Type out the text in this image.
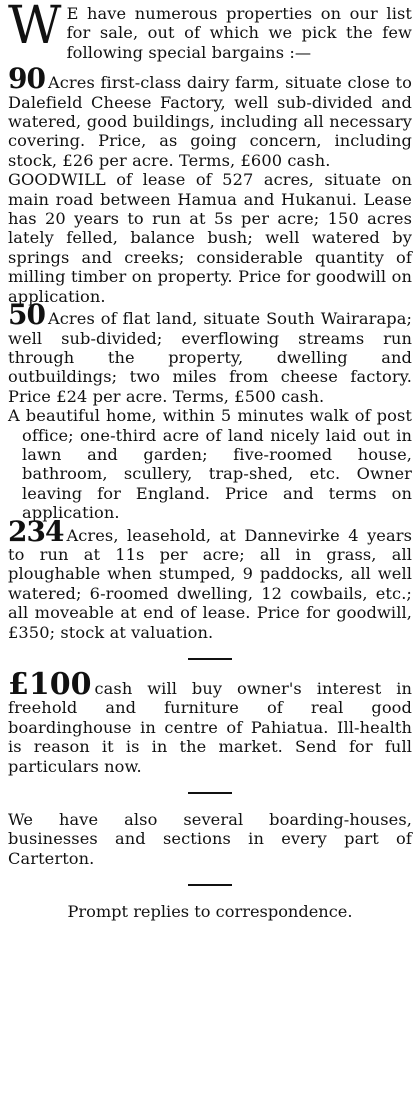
W E have numerous properties on our list for sale, out of which we pick the few following special bargains :—

90 Acres first-class dairy farm, situate close to Dalefield Cheese Factory, well sub-divided and watered, good buildings, including all necessary covering. Price, as going concern, including stock, £26 per acre. Terms, £600 cash.

GOODWILL of lease of 527 acres, situate on main road between Hamua and Hukanui. Lease has 20 years to run at 5s per acre; 150 acres lately felled, balance bush; well watered by springs and creeks; considerable quantity of milling timber on property. Price for goodwill on application.

50 Acres of flat land, situate South Wairarapa; well sub-divided; everflowing streams run through the property, dwelling and outbuildings; two miles from cheese factory. Price £24 per acre. Terms, £500 cash.

A beautiful home, within 5 minutes walk of post office; one-third acre of land nicely laid out in lawn and garden; five-roomed house, bathroom, scullery, trap-shed, etc. Owner leaving for England. Price and terms on application.

234 Acres, leasehold, at Dannevirke 4 years to run at 11s per acre; all in grass, all ploughable when stumped, 9 paddocks, all well watered; 6-roomed dwelling, 12 cowbails, etc.; all moveable at end of lease. Price for goodwill, £350; stock at valuation.

£100 cash will buy owner's interest in freehold and furniture of real good boardinghouse in centre of Pahiatua. Ill-health is reason it is in the market. Send for full particulars now.

We have also several boarding-houses, businesses and sections in every part of Carterton.

Prompt replies to correspondence.
